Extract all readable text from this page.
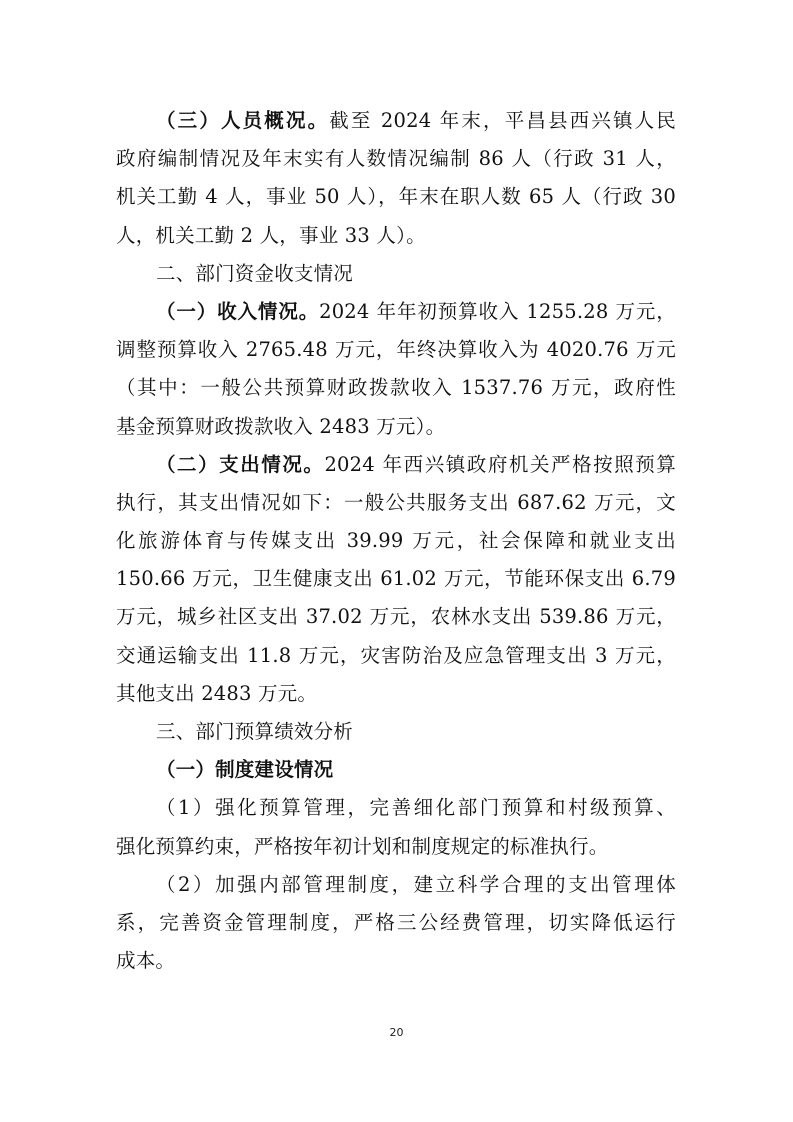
（三）人员概况。截至 2024 年末，平昌县西兴镇人民
政府编制情况及年末实有人数情况编制 86 人（行政 31 人，
机关工勤 4 人，事业 50 人），年末在职人数 65 人（行政 30
人，机关工勤 2 人，事业 33 人）。
二、部门资金收支情况
（一）收入情况。2024 年年初预算收入 1255.28 万元，
调整预算收入 2765.48 万元，年终决算收入为 4020.76 万元
（其中：一般公共预算财政拨款收入 1537.76 万元，政府性
基金预算财政拨款收入 2483 万元）。
（二）支出情况。2024 年西兴镇政府机关严格按照预算
执行，其支出情况如下：一般公共服务支出 687.62 万元，文
化旅游体育与传媒支出 39.99 万元，社会保障和就业支出
150.66 万元，卫生健康支出 61.02 万元，节能环保支出 6.79
万元，城乡社区支出 37.02 万元，农林水支出 539.86 万元，
交通运输支出 11.8 万元，灾害防治及应急管理支出 3 万元，
其他支出 2483 万元。
三、部门预算绩效分析
（一）制度建设情况
（1）强化预算管理，完善细化部门预算和村级预算、
强化预算约束，严格按年初计划和制度规定的标准执行。
（2）加强内部管理制度，建立科学合理的支出管理体
系，完善资金管理制度，严格三公经费管理，切实降低运行
成本。
20
